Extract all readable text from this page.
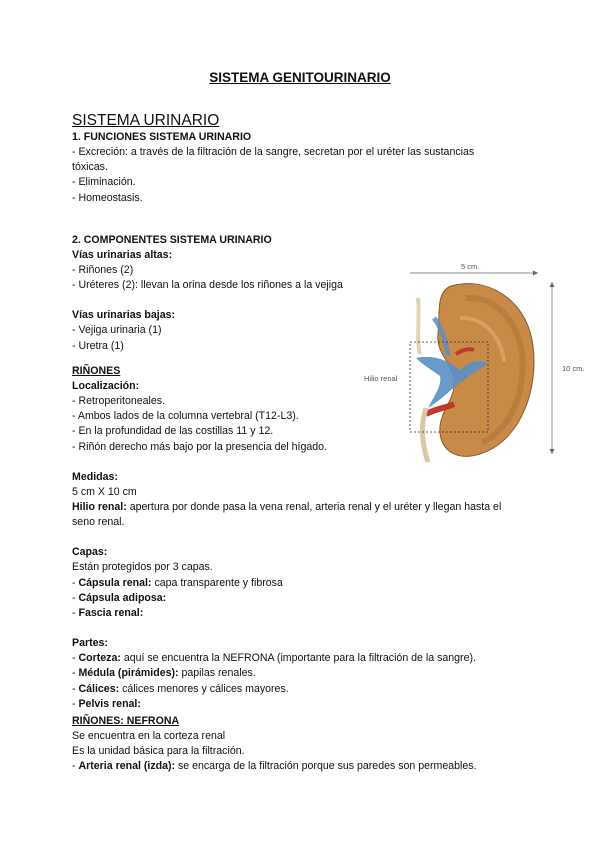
SISTEMA GENITOURINARIO
SISTEMA URINARIO
1. FUNCIONES SISTEMA URINARIO
- Excreción: a través de la filtración de la sangre, secretan por el uréter las sustancias
tóxicas.
- Eliminación.
- Homeostasis.
2. COMPONENTES SISTEMA URINARIO
Vías urinarias altas:
- Riñones (2)
- Uréteres (2): llevan la orina desde los riñones a la vejiga
Vías urinarias bajas:
- Vejiga urinaria (1)
- Uretra (1)
RIÑONES
Localización:
- Retroperitoneales.
- Ambos lados de la columna vertebral (T12-L3).
- En la profundidad de las costillas 11 y 12.
- Riñón derecho más bajo por la presencia del hígado.
Medidas:
5 cm X 10 cm
Hilio renal: apertura por donde pasa la vena renal, arteria renal y el uréter y llegan hasta el seno renal.
Capas:
Están protegidos por 3 capas.
- Cápsula renal: capa transparente y fibrosa
- Cápsula adiposa:
- Fascia renal:
Partes:
- Corteza: aquí se encuentra la NEFRONA (importante para la filtración de la sangre).
- Médula (pirámides): papilas renales.
- Cálices: cálices menores y cálices mayores.
- Pelvis renal:
RIÑONES: NEFRONA
Se encuentra en la corteza renal
Es la unidad básica para la filtración.
- Arteria renal (izda): se encarga de la filtración porque sus paredes son permeables.
5 cm.
10 cm.
Hilio renal
